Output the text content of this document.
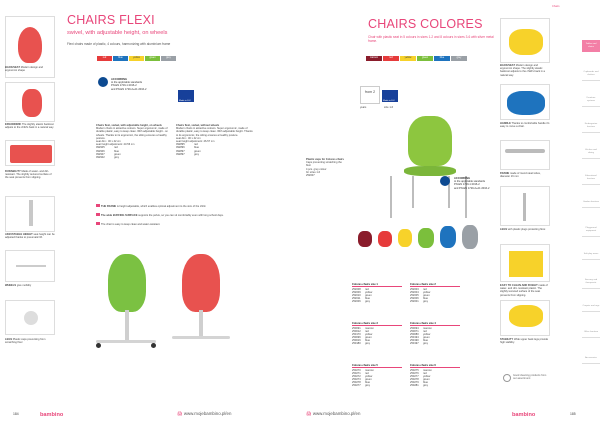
BACK/SEAT Modern design and ergonomic shape
ERGONOMIC The slightly elastic backrest adjusts to the child's back in a natural way.
DURABILITY Made of water- and dirt- resistant. The slightly textured surface of the seat prevents from slipping.
ADJUSTABLE HEIGHT seat height can be adjusted thanks to pneumatic lift.
WHEELS give mobility
LEGS Plastic caps preventing from scratching floor
CHAIRS FLEXI
swivel, with adjustable height, on wheels
Flexi chairs made of plastic, 4 colours, harmonizing with aluminium frame
red	blue	yellow	green	grey
ACCORDING
to the applicable standards
PN-EN 1729-1:2016-2
and PN-EN 1729-2+A1:2016-2
Made in EU
Chairs flexi, swivel, with adjustable height, on wheels
Modern chairs in attractive colours. Super ergonomic, made of durable plastic, easy to keep clean. With adjustable height - on wheels. Thanks to its ergonomic, the sitting ensures a healthy posture.
seat dim.: 46 x 42 cm
seat height adjustment: 43-56 cm
092905	red
092906	blue
092907	green
092902	grey
Chairs flexi, swivel, without wheels
Modern chairs in attractive colours. Super ergonomic, made of durable plastic, easy to keep clean. With adjustable height. Thanks to its ergonomic, the sitting ensures a healthy posture.
seat dim.: 46 x 42 cm
seat height adjustment: 46-57 cm
092895	red
092896	blue
092897	green
092897	grey
THE FRAME is height adjustable, which enables optimal adjustment to the size of the child.
The wide BUFFING SURFACE supports the pelvis, so you can sit comfortably even with long school days.
The chair is easy to keep clean and water-resistant.
184	bambino	🖨 www.mojebambino.pl/en
Chairs
CHAIRS COLORES
Chair with plastic seat in 5 colours in sizes 1-2 and 8 colours in sizes 3-6 with silver metal frame.
maroon	red	yellow	green	blue	grey
from 2
years	size 1-6
Made in EU
Plastic caps for Colores chairs
Caps preventing scratching the floor
4 pcs. grey colour
for sizes 1-6
252007
ACCORDING
to the applicable standards
PN-EN 1729-1:2016-2
and PN-EN 1729-2+A1:2016-2
Colores chairs size 1
252008	red
252009	yellow
252010	green
252011	blue
252006	grey
Colores chairs size 2
252003	red
252004	yellow
252005	green
252006	blue
252001	grey
Colores chairs size 3
250091	maroon
250012	red
250170	yellow
250096	green
250016	blue
250180	grey
Colores chairs size 4
250094	maroon
250071	red
250080	yellow
250194	green
250190	blue
250197	grey
Colores chairs size 5
250270	maroon
250271	red
250272	yellow
250273	green
250278	blue
250277	grey
Colores chairs size 6
250275	maroon
250276	red
250277	yellow
250278	green
250279	blue
250281	grey
BACK/SEAT Modern design and ergonomic shape. The slightly elastic backrest adjusts to the child's back in a natural way.
HANDLE Thanks to comfortable handle it's easy to move a chair.
FRAME made of round steel tubes, diameter 16 mm
LEGS with plastic plugs protecting floor.
EASY TO CLEAN AND FIXBLIT made of water- and dirt- resistant plastic. The slightly textured surface of the seat prevents from slipping.
STABILITY Wide upper back legs provide high stability.
Good cleaning products from our assortment
Tables and chairs
Cupboards and shelves
Furniture systems
Kindergarten furniture
Kitchen and dining
Educational furniture
Garden furniture
Playground equipment
Soft play areas
Sensory and therapeutic
Carpets and rugs
Office furniture
Accessories
🖨 www.mojebambino.pl/en	bambino	185
